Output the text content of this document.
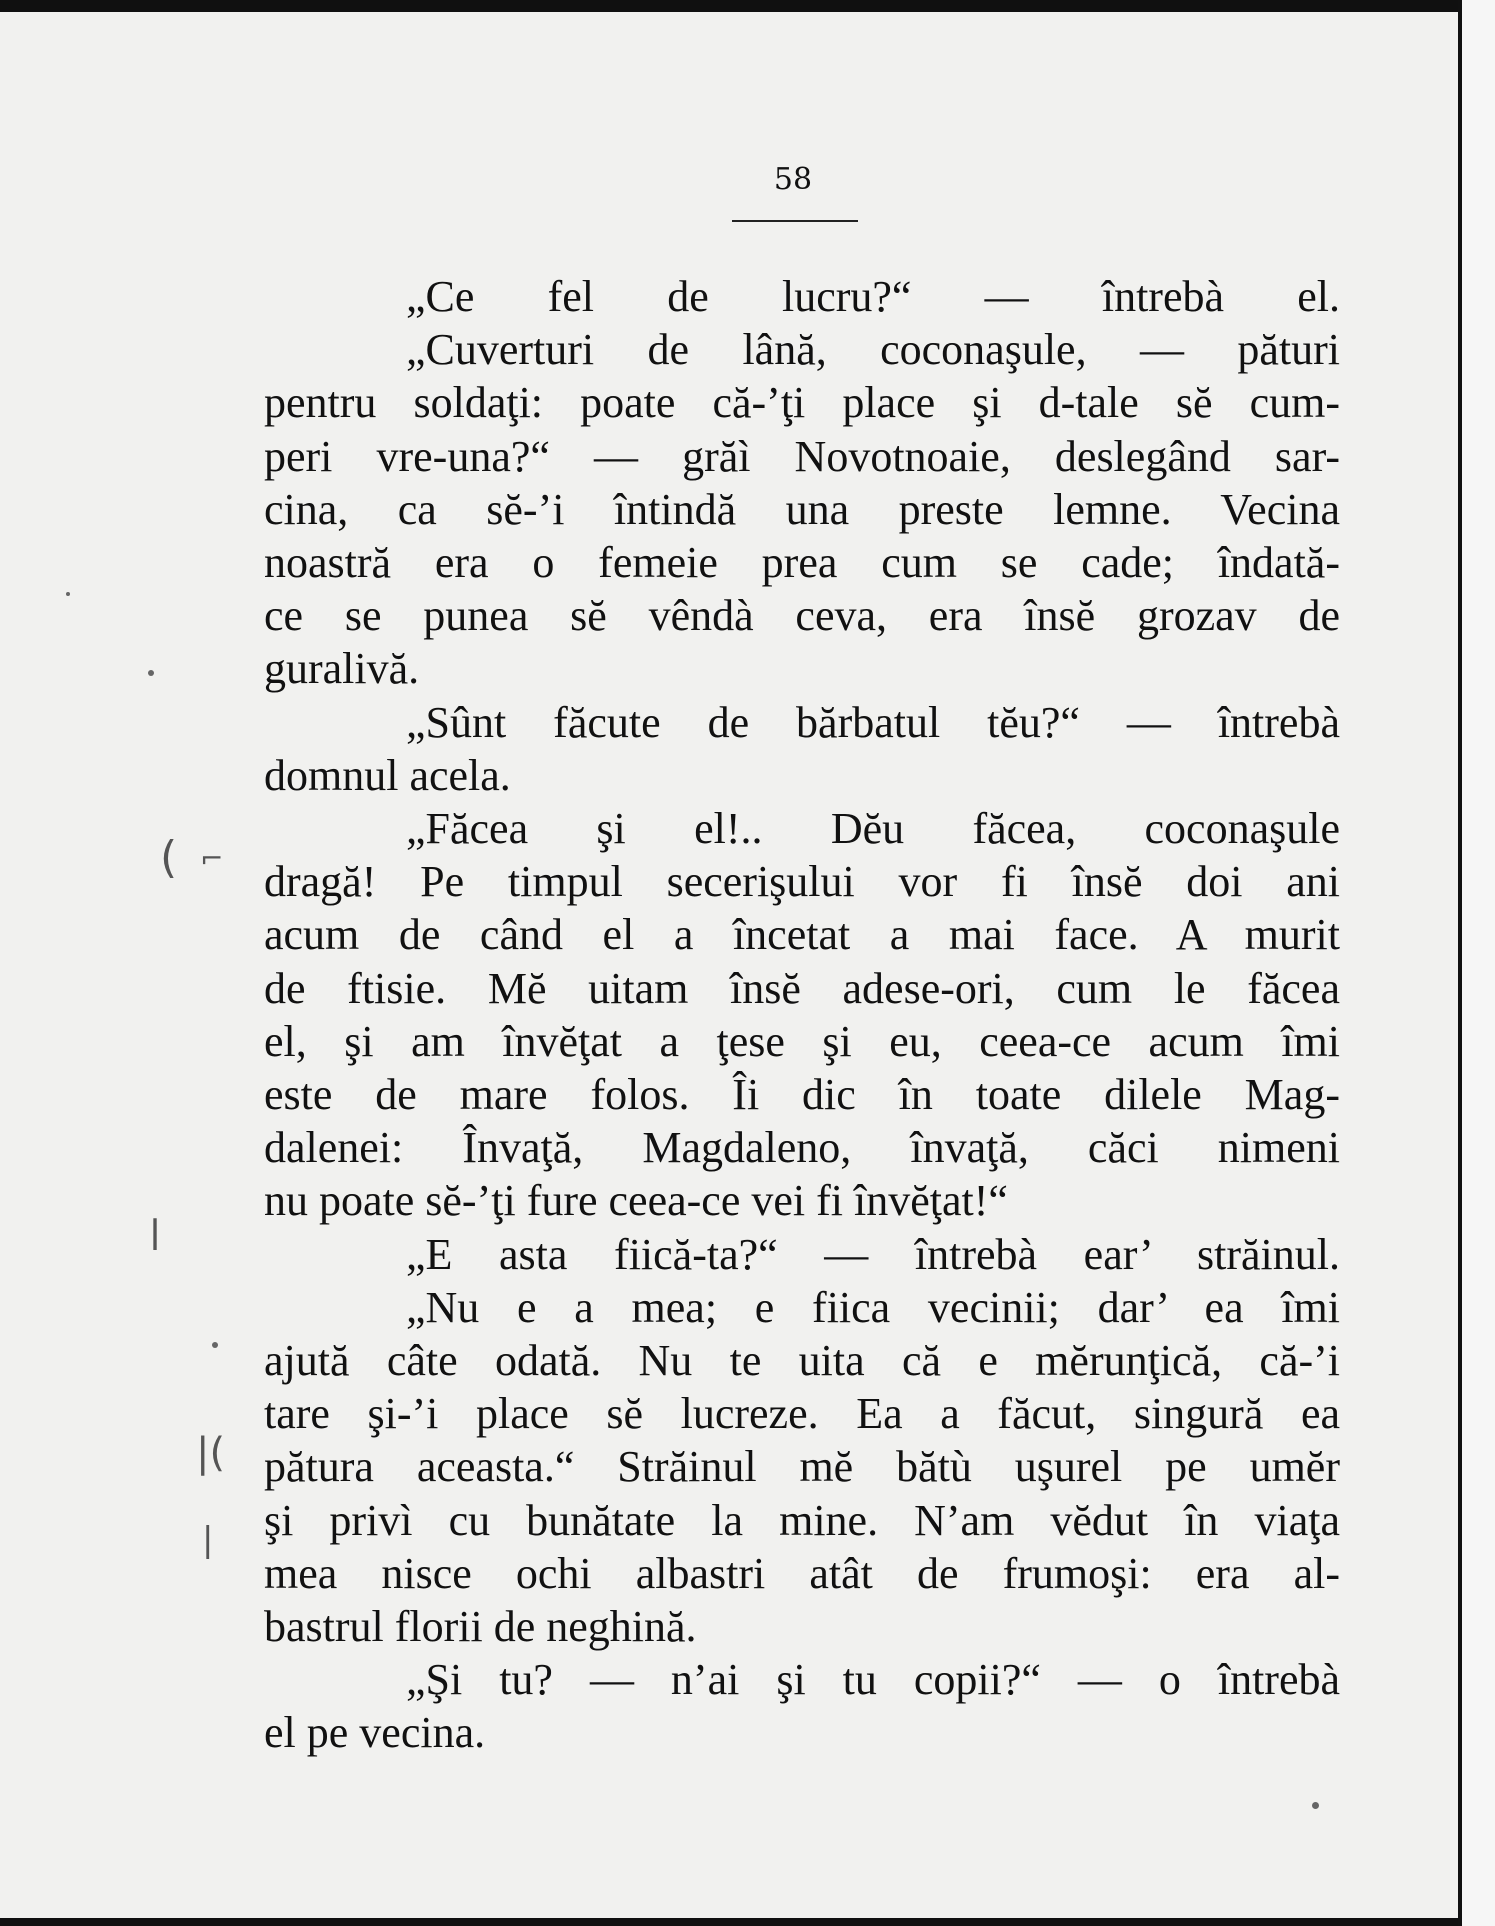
58
„Ce fel de lucru?“ — întrebà el.
„Cuverturi de lână, coconaşule, — pături
pentru soldaţi: poate că-’ţi place şi d-tale sĕ cum-
peri vre-una?“ — grăì Novotnoaie, deslegând sar-
cina, ca sĕ-’i întindă una preste lemne. Vecina
noastră era o femeie prea cum se cade; îndată-
ce se punea sĕ vêndà ceva, era însĕ grozav de
guralivă.
„Sûnt făcute de bărbatul tĕu?“ — întrebà
domnul acela.
„Făcea şi el!.. Dĕu făcea, coconaşule
dragă! Pe timpul secerişului vor fi însĕ doi ani
acum de când el a încetat a mai face. A murit
de ftisie. Mĕ uitam însĕ adese-ori, cum le făcea
el, şi am învĕţat a ţese şi eu, ceea-ce acum îmi
este de mare folos. Îi dic în toate dilele Mag-
dalenei: Învaţă, Magdaleno, învaţă, căci nimeni
nu poate sĕ-’ţi fure ceea-ce vei fi învĕţat!“
„E asta fiică-ta?“ — întrebà ear’ străinul.
„Nu e a mea; e fiica vecinii; dar’ ea îmi
ajută câte odată. Nu te uita că e mĕrunţică, că-’i
tare şi-’i place sĕ lucreze. Ea a făcut, singură ea
pătura aceasta.“ Străinul mĕ bătù uşurel pe umĕr
şi privì cu bunătate la mine. N’am vĕdut în viaţa
mea nisce ochi albastri atât de frumoşi: era al-
bastrul florii de neghină.
„Şi tu? — n’ai şi tu copii?“ — o întrebà
el pe vecina.
( ⌐
ǀ
|(
|
